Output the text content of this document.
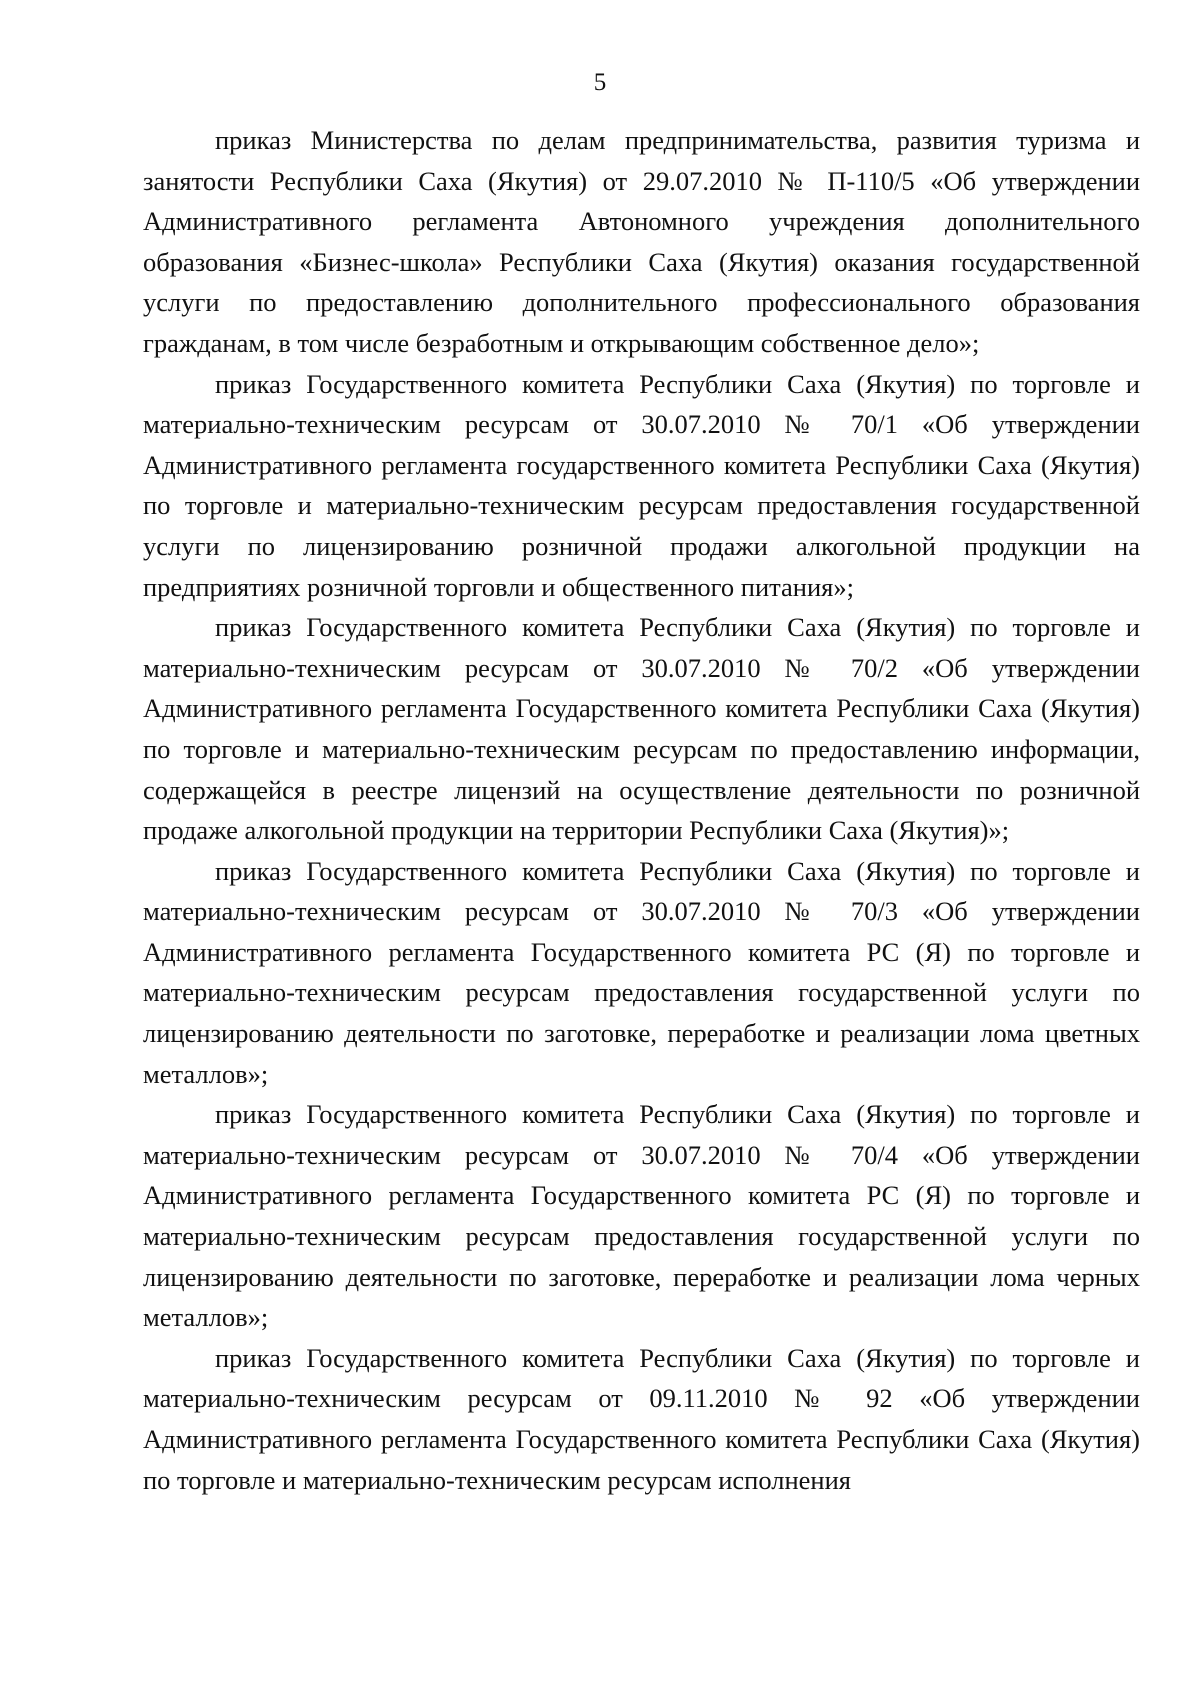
5

приказ Министерства по делам предпринимательства, развития туризма и занятости Республики Саха (Якутия) от 29.07.2010 № П-110/5 «Об утверждении Административного регламента Автономного учреждения дополнительного образования «Бизнес-школа» Республики Саха (Якутия) оказания государственной услуги по предоставлению дополнительного профессионального образования гражданам, в том числе безработным и открывающим собственное дело»;

приказ Государственного комитета Республики Саха (Якутия) по торговле и материально-техническим ресурсам от 30.07.2010 № 70/1 «Об утверждении Административного регламента государственного комитета Республики Саха (Якутия) по торговле и материально-техническим ресурсам предоставления государственной услуги по лицензированию розничной продажи алкогольной продукции на предприятиях розничной торговли и общественного питания»;

приказ Государственного комитета Республики Саха (Якутия) по торговле и материально-техническим ресурсам от 30.07.2010 № 70/2 «Об утверждении Административного регламента Государственного комитета Республики Саха (Якутия) по торговле и материально-техническим ресурсам по предоставлению информации, содержащейся в реестре лицензий на осуществление деятельности по розничной продаже алкогольной продукции на территории Республики Саха (Якутия)»;

приказ Государственного комитета Республики Саха (Якутия) по торговле и материально-техническим ресурсам от 30.07.2010 № 70/3 «Об утверждении Административного регламента Государственного комитета РС (Я) по торговле и материально-техническим ресурсам предоставления государственной услуги по лицензированию деятельности по заготовке, переработке и реализации лома цветных металлов»;

приказ Государственного комитета Республики Саха (Якутия) по торговле и материально-техническим ресурсам от 30.07.2010 № 70/4 «Об утверждении Административного регламента Государственного комитета РС (Я) по торговле и материально-техническим ресурсам предоставления государственной услуги по лицензированию деятельности по заготовке, переработке и реализации лома черных металлов»;

приказ Государственного комитета Республики Саха (Якутия) по торговле и материально-техническим ресурсам от 09.11.2010 № 92 «Об утверждении Административного регламента Государственного комитета Республики Саха (Якутия) по торговле и материально-техническим ресурсам исполнения
